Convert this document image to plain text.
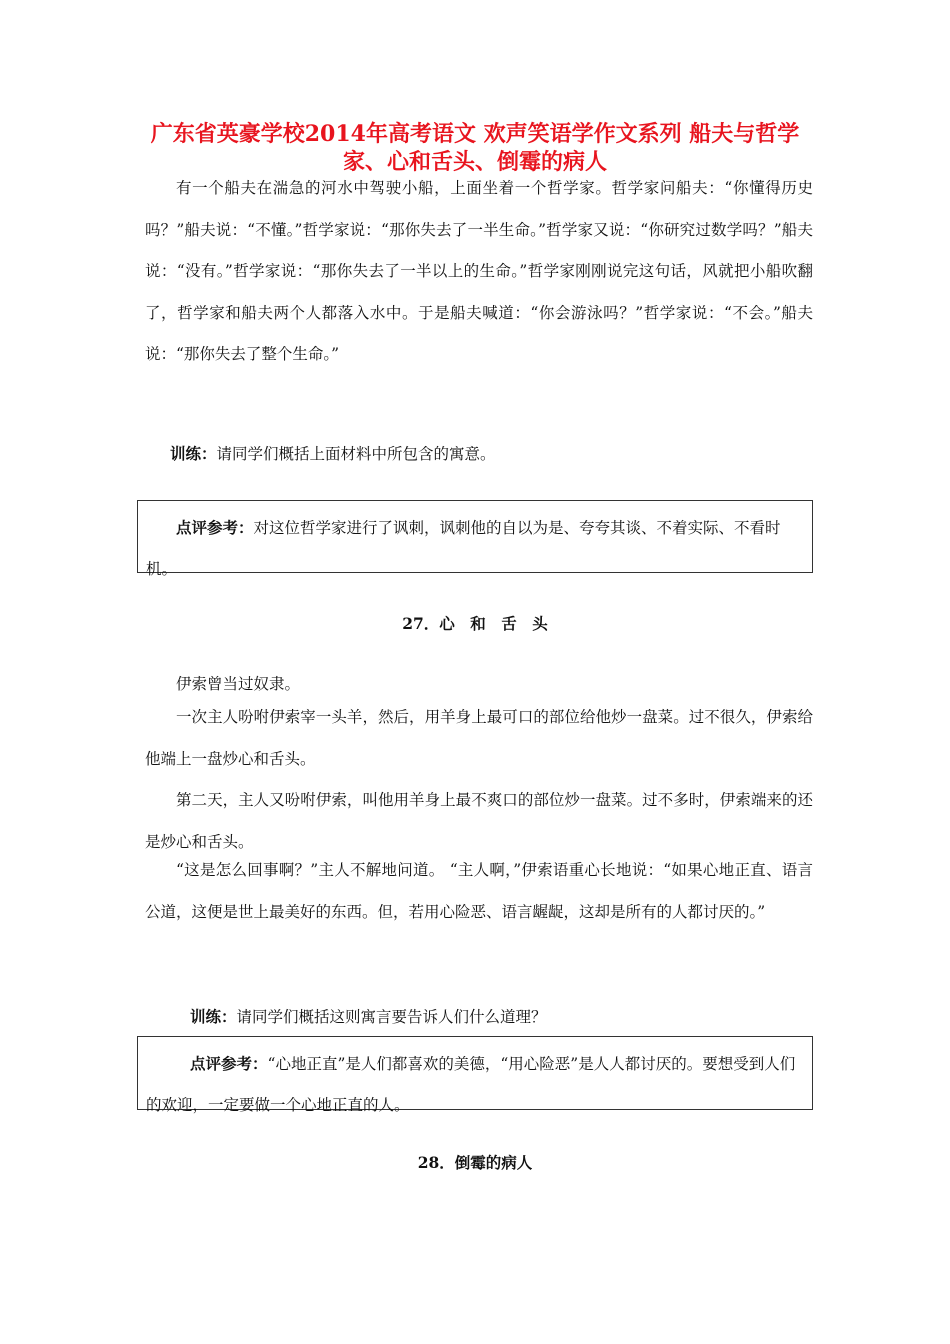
广东省英豪学校2014年高考语文 欢声笑语学作文系列 船夫与哲学家、心和舌头、倒霉的病人
有一个船夫在湍急的河水中驾驶小船，上面坐着一个哲学家。哲学家问船夫：“你懂得历史吗？”船夫说：“不懂。”哲学家说：“那你失去了一半生命。”哲学家又说：“你研究过数学吗？”船夫说：“没有。”哲学家说：“那你失去了一半以上的生命。”哲学家刚刚说完这句话，风就把小船吹翻了，哲学家和船夫两个人都落入水中。于是船夫喊道：“你会游泳吗？”哲学家说：“不会。”船夫说：“那你失去了整个生命。”
训练：请同学们概括上面材料中所包含的寓意。
点评参考：对这位哲学家进行了讽刺，讽刺他的自以为是、夸夸其谈、不着实际、不看时机。
27．心　和　舌　头
伊索曾当过奴隶。
一次主人吩咐伊索宰一头羊，然后，用羊身上最可口的部位给他炒一盘菜。过不很久，伊索给他端上一盘炒心和舌头。
第二天，主人又吩咐伊索，叫他用羊身上最不爽口的部位炒一盘菜。过不多时，伊索端来的还是炒心和舌头。
“这是怎么回事啊？”主人不解地问道。 “主人啊，”伊索语重心长地说：“如果心地正直、语言公道，这便是世上最美好的东西。但，若用心险恶、语言龌龊，这却是所有的人都讨厌的。”
训练：请同学们概括这则寓言要告诉人们什么道理？
点评参考：“心地正直”是人们都喜欢的美德，“用心险恶”是人人都讨厌的。要想受到人们的欢迎，一定要做一个心地正直的人。
28．倒霉的病人
